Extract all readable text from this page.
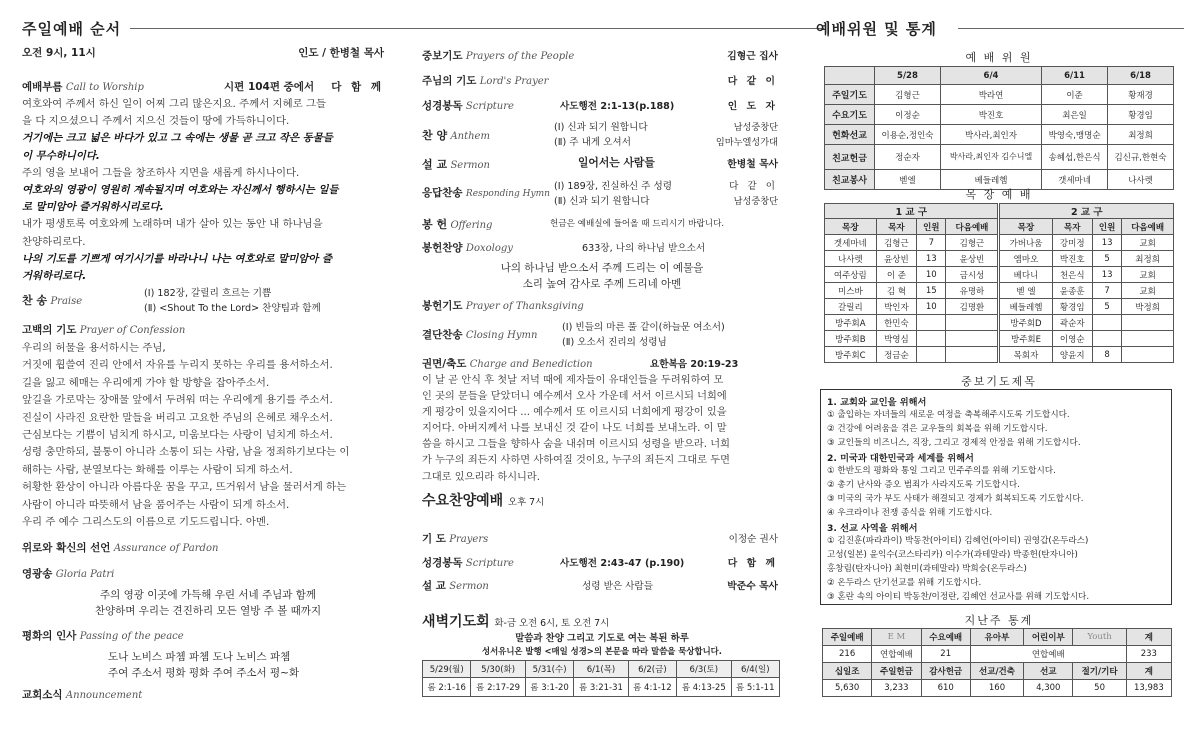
주일예배 순서
오전 9시, 11시	인도 / 한병철 목사
예배부름 Call to Worship	시편 104편 중에서 다 함 께
여호와여 주께서 하신 일이 어찌 그리 많은지요. 주께서 지혜로 그들
을 다 지으셨으니 주께서 지으신 것들이 땅에 가득하니이다.
거기에는 크고 넓은 바다가 있고 그 속에는 생물 곧 크고 작은 동물들
이 무수하니이다.
주의 영을 보내어 그들을 창조하사 지면을 새롭게 하시나이다.
여호와의 영광이 영원히 계속될지며 여호와는 자신께서 행하시는 일들
로 말미암아 즐거워하시리로다.
내가 평생토록 여호와께 노래하며 내가 살아 있는 동안 내 하나님을
찬양하리로다.
나의 기도를 기쁘게 여기시기를 바라나니 나는 여호와로 말미암아 즐
거워하리로다.
찬 송 Praise
(Ⅰ) 182장, 갈릴리 흐르는 기쁨
(Ⅱ) <Shout To the Lord> 찬양팀과 함께
고백의 기도 Prayer of Confession
우리의 허물을 용서하시는 주님,
거짓에 휩쓸여 진리 안에서 자유를 누리지 못하는 우리를 용서하소서.
길을 잃고 헤매는 우리에게 가야 할 방향을 잡아주소서.
앞길을 가로막는 장애물 앞에서 두려워 떠는 우리에게 용기를 주소서.
진실이 사라진 요란한 말들을 버리고 고요한 주님의 은혜로 채우소서.
근심보다는 기쁨이 넘치게 하시고, 미움보다는 사랑이 넘치게 하소서.
성령 충만하되, 불통이 아니라 소통이 되는 사람, 남을 정죄하기보다는 이
해하는 사람, 분열보다는 화해를 이루는 사람이 되게 하소서.
허황한 환상이 아니라 아름다운 꿈을 꾸고, 뜨거워서 남을 물러서게 하는
사람이 아니라 따뜻해서 남을 품어주는 사람이 되게 하소서.
우리 주 예수 그리스도의 이름으로 기도드립니다. 아멘.
위로와 확신의 선언 Assurance of Pardon
영광송 Gloria Patri
주의 영광 이곳에 가득해 우린 서네 주님과 함께
찬양하며 우리는 견진하리 모든 열방 주 볼 때까지
평화의 인사 Passing of the peace
도나 노비스 파쳄 파쳄 도나 노비스 파쳄
주여 주소서 평화 평화 주여 주소서 평~화
교회소식 Announcement
중보기도 Prayers of the People	김형근 집사
주님의 기도 Lord's Prayer	다 같 이
성경봉독 Scripture	사도행전 2:1-13(p.188)	인 도 자
찬 양 Anthem
(Ⅰ) 신과 되기 원합니다	남성중창단
(Ⅱ) 주 내게 오셔서	임마누엘성가대
설 교 Sermon	일어서는 사람들	한병철 목사
응답찬송 Responding Hymn
(Ⅰ) 189장, 진실하신 주 성령	다 같 이
(Ⅱ) 신과 되기 원합니다	남성중창단
봉 헌 Offering	헌금은 예배실에 들어올 때 드리시기 바랍니다.
봉헌찬양 Doxology	633장, 나의 하나님 받으소서
나의 하나님 받으소서 주께 드리는 이 예물을
소리 높여 감사로 주께 드리네 아멘
봉헌기도 Prayer of Thanksgiving
결단찬송 Closing Hymn
(Ⅰ) 빈들의 마른 풀 같이(하늘문 여소서)
(Ⅱ) 오소서 진리의 성령님
권면/축도 Charge and Benediction	요한복음 20:19-23
이 날 곧 안식 후 첫날 저녁 때에 제자들이 유대인들을 두려워하여 모
인 곳의 문들을 닫았더니 예수께서 오사 가운데 서서 이르시되 너희에
게 평강이 있을지어다 ... 예수께서 또 이르시되 너희에게 평강이 있을
지어다. 아버지께서 나를 보내신 것 같이 나도 너희를 보내노라. 이 말
씀을 하시고 그들을 향하사 숨을 내쉬며 이르시되 성령을 받으라. 너희
가 누구의 죄든지 사하면 사하여질 것이요, 누구의 죄든지 그대로 두면
그대로 있으리라 하시니라.
수요찬양예배 오후 7시
기 도 Prayers	이정순 권사
성경봉독 Scripture	사도행전 2:43-47 (p.190)	다 함 께
설 교 Sermon	성령 받은 사람들	박준수 목사
새벽기도회 화-금 오전 6시, 토 오전 7시
말씀과 찬양 그리고 기도로 여는 복된 하루
성서유니온 발행 <매일 성경>의 본문을 따라 말씀을 묵상합니다.
5/29(월)	5/30(화)	5/31(수)	6/1(목)	6/2(금)	6/3(토)	6/4(일)
롬 2:1-16	롬 2:17-29	롬 3:1-20	롬 3:21-31	롬 4:1-12	롬 4:13-25	롬 5:1-11
예배위원 및 통계
예 배 위 원
	5/28	6/4	6/11	6/18
주일기도	김형근	박라연	이준	황재경
수요기도	이정순	박진호	최은일	황경임
헌화선교	이용순,정인숙	박사라,최인자	박영숙,맹명순	최정희
친교헌금	정순자	박사라,최인자 김수니엘	송혜섭,한은식	김신규,한현숙
친교봉사	벧엘	베들레헴	갯세마네	나사렛
목 장 예 배
1 교 구				2 교 구			
목장	목자	인원	다음예배	목장	목자	인원	다음예배
겟세마네	김형근	7	김형근	가버나움	강미정	13	교회
나사렛	윤상빈	13	윤상빈	엠마오	박진호	5	최정희
여주상림	이 준	10	금시성	베다니	천은식	13	교회
미스바	김 혁	15	유명하	벧 엘	윤종훈	7	교회
갈릴리	박인자	10	김명환	베들레헴	황경임	5	박정희
방주회A	한민숙			방주회D	곽순자		
방주회B	박영심			방주회E	이영순		
방주회C	정금순			목회자	양윤지	8	
중보기도제목
1. 교회와 교인을 위해서
① 출입하는 자녀들의 새로운 여정을 축복해주시도록 기도합시다.
② 건강에 어려움을 겪은 교우들의 회복을 위해 기도합시다.
③ 교인들의 비즈니스, 직장, 그리고 경제적 안정을 위해 기도합시다.
2. 미국과 대한민국과 세계를 위해서
① 한반도의 평화와 통일 그리고 민주주의를 위해 기도합시다.
② 총기 난사와 증오 범죄가 사라지도록 기도합시다.
③ 미국의 국가 부도 사태가 해결되고 경제가 회복되도록 기도합시다.
④ 우크라이나 전쟁 종식을 위해 기도합시다.
3. 선교 사역을 위해서
① 김진훈(파라과이) 박동찬(아이티) 김혜언(아이티) 권영갑(온두라스)
고성(일본) 윤익수(코스타리카) 이수가(과테말라) 박종헌(탄자니아)
홍창림(탄자니아) 최현미(과테말라) 박희숭(온두라스)
② 온두라스 단기선교를 위해 기도합시다.
③ 혼란 속의 아이티 박동찬/이정란, 김혜언 선교사를 위해 기도합시다.
지난주 통계
주일예배	E M	수요예배	유아부	어린이부	Youth	계
216	연합예배	21	연합예배			233
십일조	주일헌금	감사헌금	선교/건축	선교	절기/기타	계
5,630	3,233	610	160	4,300	50	13,983
